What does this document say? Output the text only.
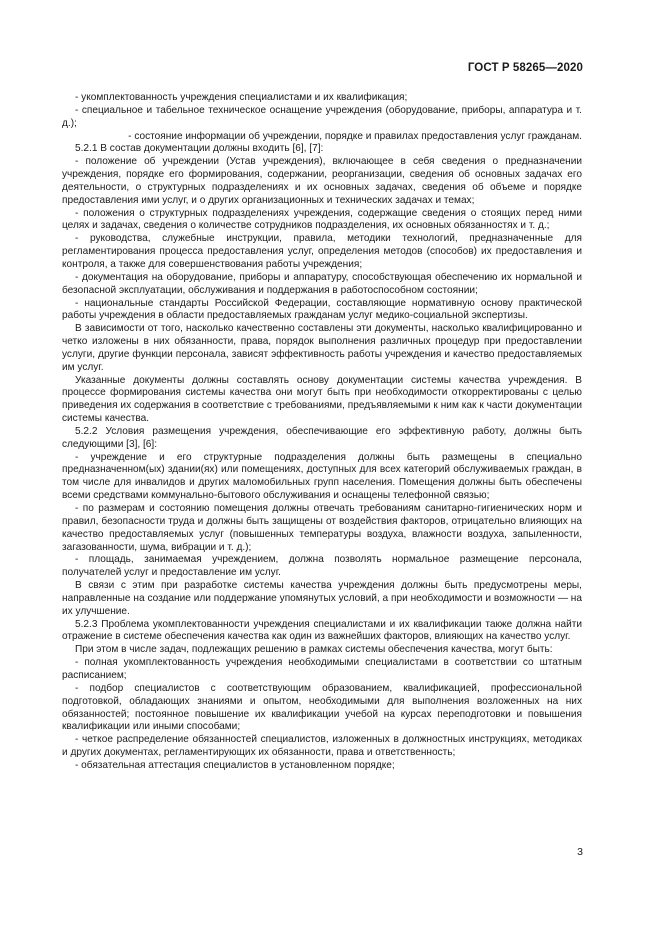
ГОСТ Р 58265—2020

- укомплектованность учреждения специалистами и их квалификация;

- специальное и табельное техническое оснащение учреждения (оборудование, приборы, аппаратура и т. д.);

- состояние информации об учреждении, порядке и правилах предоставления услуг гражданам.

5.2.1 В состав документации должны входить [6], [7]:

- положение об учреждении (Устав учреждения), включающее в себя сведения о предназначении учреждения, порядке его формирования, содержании, реорганизации, сведения об основных задачах его деятельности, о структурных подразделениях и их основных задачах, сведения об объеме и порядке предоставления ими услуг, и о других организационных и технических задачах и темах;

- положения о структурных подразделениях учреждения, содержащие сведения о стоящих перед ними целях и задачах, сведения о количестве сотрудников подразделения, их основных обязанностях и т. д.;

- руководства, служебные инструкции, правила, методики технологий, предназначенные для регламентирования процесса предоставления услуг, определения методов (способов) их предоставления и контроля, а также для совершенствования работы учреждения;

- документация на оборудование, приборы и аппаратуру, способствующая обеспечению их нормальной и безопасной эксплуатации, обслуживания и поддержания в работоспособном состоянии;

- национальные стандарты Российской Федерации, составляющие нормативную основу практической работы учреждения в области предоставляемых гражданам услуг медико-социальной экспертизы.

В зависимости от того, насколько качественно составлены эти документы, насколько квалифицированно и четко изложены в них обязанности, права, порядок выполнения различных процедур при предоставлении услуги, другие функции персонала, зависят эффективность работы учреждения и качество предоставляемых им услуг.

Указанные документы должны составлять основу документации системы качества учреждения. В процессе формирования системы качества они могут быть при необходимости откорректированы с целью приведения их содержания в соответствие с требованиями, предъявляемыми к ним как к части документации системы качества.

5.2.2 Условия размещения учреждения, обеспечивающие его эффективную работу, должны быть следующими [3], [6]:

- учреждение и его структурные подразделения должны быть размещены в специально предназначенном(ых) здании(ях) или помещениях, доступных для всех категорий обслуживаемых граждан, в том числе для инвалидов и других маломобильных групп населения. Помещения должны быть обеспечены всеми средствами коммунально-бытового обслуживания и оснащены телефонной связью;

- по размерам и состоянию помещения должны отвечать требованиям санитарно-гигиенических норм и правил, безопасности труда и должны быть защищены от воздействия факторов, отрицательно влияющих на качество предоставляемых услуг (повышенных температуры воздуха, влажности воздуха, запыленности, загазованности, шума, вибрации и т. д.);

- площадь, занимаемая учреждением, должна позволять нормальное размещение персонала, получателей услуг и предоставление им услуг.

В связи с этим при разработке системы качества учреждения должны быть предусмотрены меры, направленные на создание или поддержание упомянутых условий, а при необходимости и возможности — на их улучшение.

5.2.3 Проблема укомплектованности учреждения специалистами и их квалификации также должна найти отражение в системе обеспечения качества как один из важнейших факторов, влияющих на качество услуг.

При этом в числе задач, подлежащих решению в рамках системы обеспечения качества, могут быть:

- полная укомплектованность учреждения необходимыми специалистами в соответствии со штатным расписанием;

- подбор специалистов с соответствующим образованием, квалификацией, профессиональной подготовкой, обладающих знаниями и опытом, необходимыми для выполнения возложенных на них обязанностей; постоянное повышение их квалификации учебой на курсах переподготовки и повышения квалификации или иными способами;

- четкое распределение обязанностей специалистов, изложенных в должностных инструкциях, методиках и других документах, регламентирующих их обязанности, права и ответственность;

- обязательная аттестация специалистов в установленном порядке;

3
